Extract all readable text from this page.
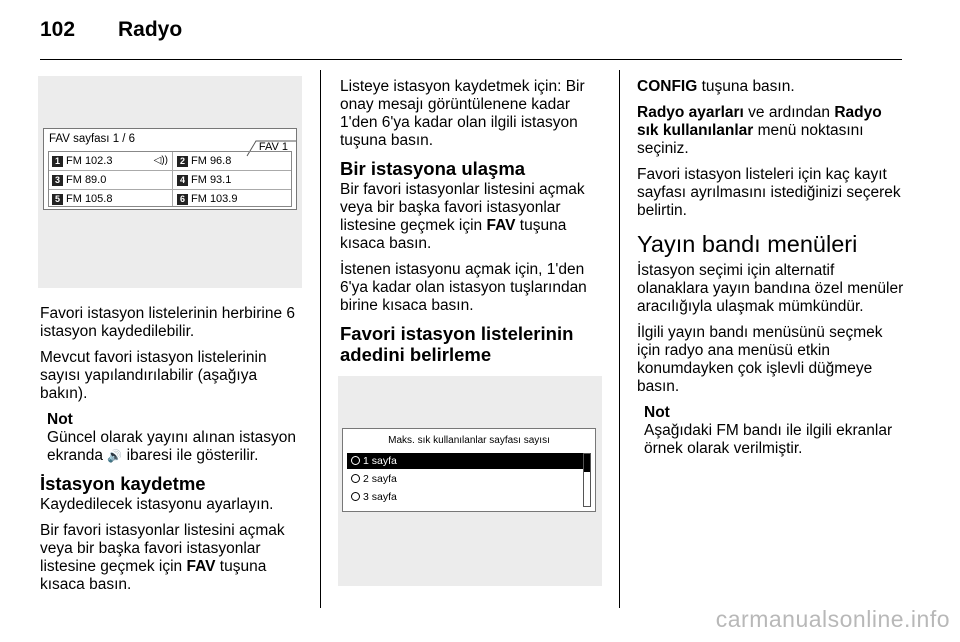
102 Radyo
FAV sayfası 1 / 6
FAV 1
1 FM 102.3	◁))	2 FM 96.8
3 FM 89.0	4 FM 93.1
5 FM 105.8	6 FM 103.9

Favori istasyon listelerinin herbirine 6 istasyon kaydedilebilir.

Mevcut favori istasyon listelerinin sayısı yapılandırılabilir (aşağıya bakın).

Not
Güncel olarak yayını alınan istasyon ekranda 🔊 ibaresi ile gösterilir.
İstasyon kaydetme

Kaydedilecek istasyonu ayarlayın.

Bir favori istasyonlar listesini açmak veya bir başka favori istasyonlar listesine geçmek için FAV tuşuna kısaca basın.

Listeye istasyon kaydetmek için: Bir onay mesajı görüntülenene kadar 1'den 6'ya kadar olan ilgili istasyon tuşuna basın.

Bir istasyona ulaşma

Bir favori istasyonlar listesini açmak veya bir başka favori istasyonlar listesine geçmek için FAV tuşuna kısaca basın.

İstenen istasyonu açmak için, 1'den 6'ya kadar olan istasyon tuşlarından birine kısaca basın.

Favori istasyon listelerinin adedini belirleme
Maks. sık kullanılanlar sayfası sayısı
1 sayfa
2 sayfa
3 sayfa

CONFIG tuşuna basın.

Radyo ayarları ve ardından Radyo sık kullanılanlar menü noktasını seçiniz.

Favori istasyon listeleri için kaç kayıt sayfası ayrılmasını istediğinizi seçerek belirtin.

Yayın bandı menüleri

İstasyon seçimi için alternatif olanaklara yayın bandına özel menüler aracılığıyla ulaşmak mümkündür.

İlgili yayın bandı menüsünü seçmek için radyo ana menüsü etkin konumdayken çok işlevli düğmeye basın.

Not
Aşağıdaki FM bandı ile ilgili ekranlar örnek olarak verilmiştir.
carmanualsonline.info
